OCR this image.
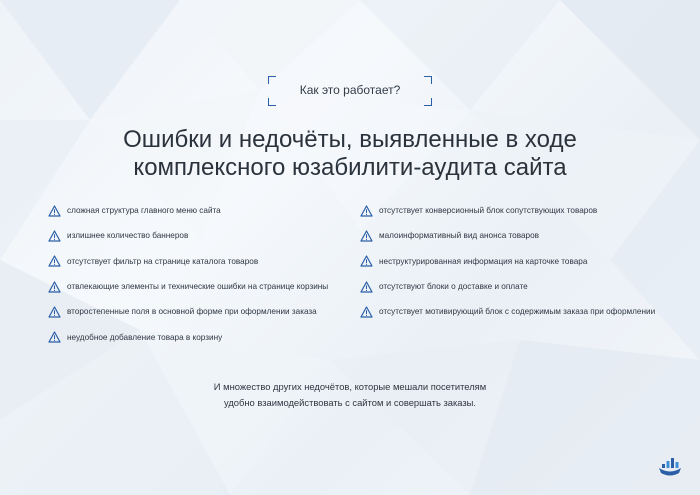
Как это работает?
Ошибки и недочёты, выявленные в ходе
комплексного юзабилити-аудита сайта
сложная структура главного меню сайта
излишнее количество баннеров
отсутствует фильтр на странице каталога товаров
отвлекающие элементы и технические ошибки на странице корзины
второстепенные поля в основной форме при оформлении заказа
неудобное добавление товара в корзину
отсутствует конверсионный блок сопутствующих товаров
малоинформативный вид анонса товаров
неструктурированная информация на карточке товара
отсутствуют блоки о доставке и оплате
отсутствует мотивирующий блок с содержимым заказа при оформлении

И множество других недочётов, которые мешали посетителям
удобно взаимодействовать с сайтом и совершать заказы.
